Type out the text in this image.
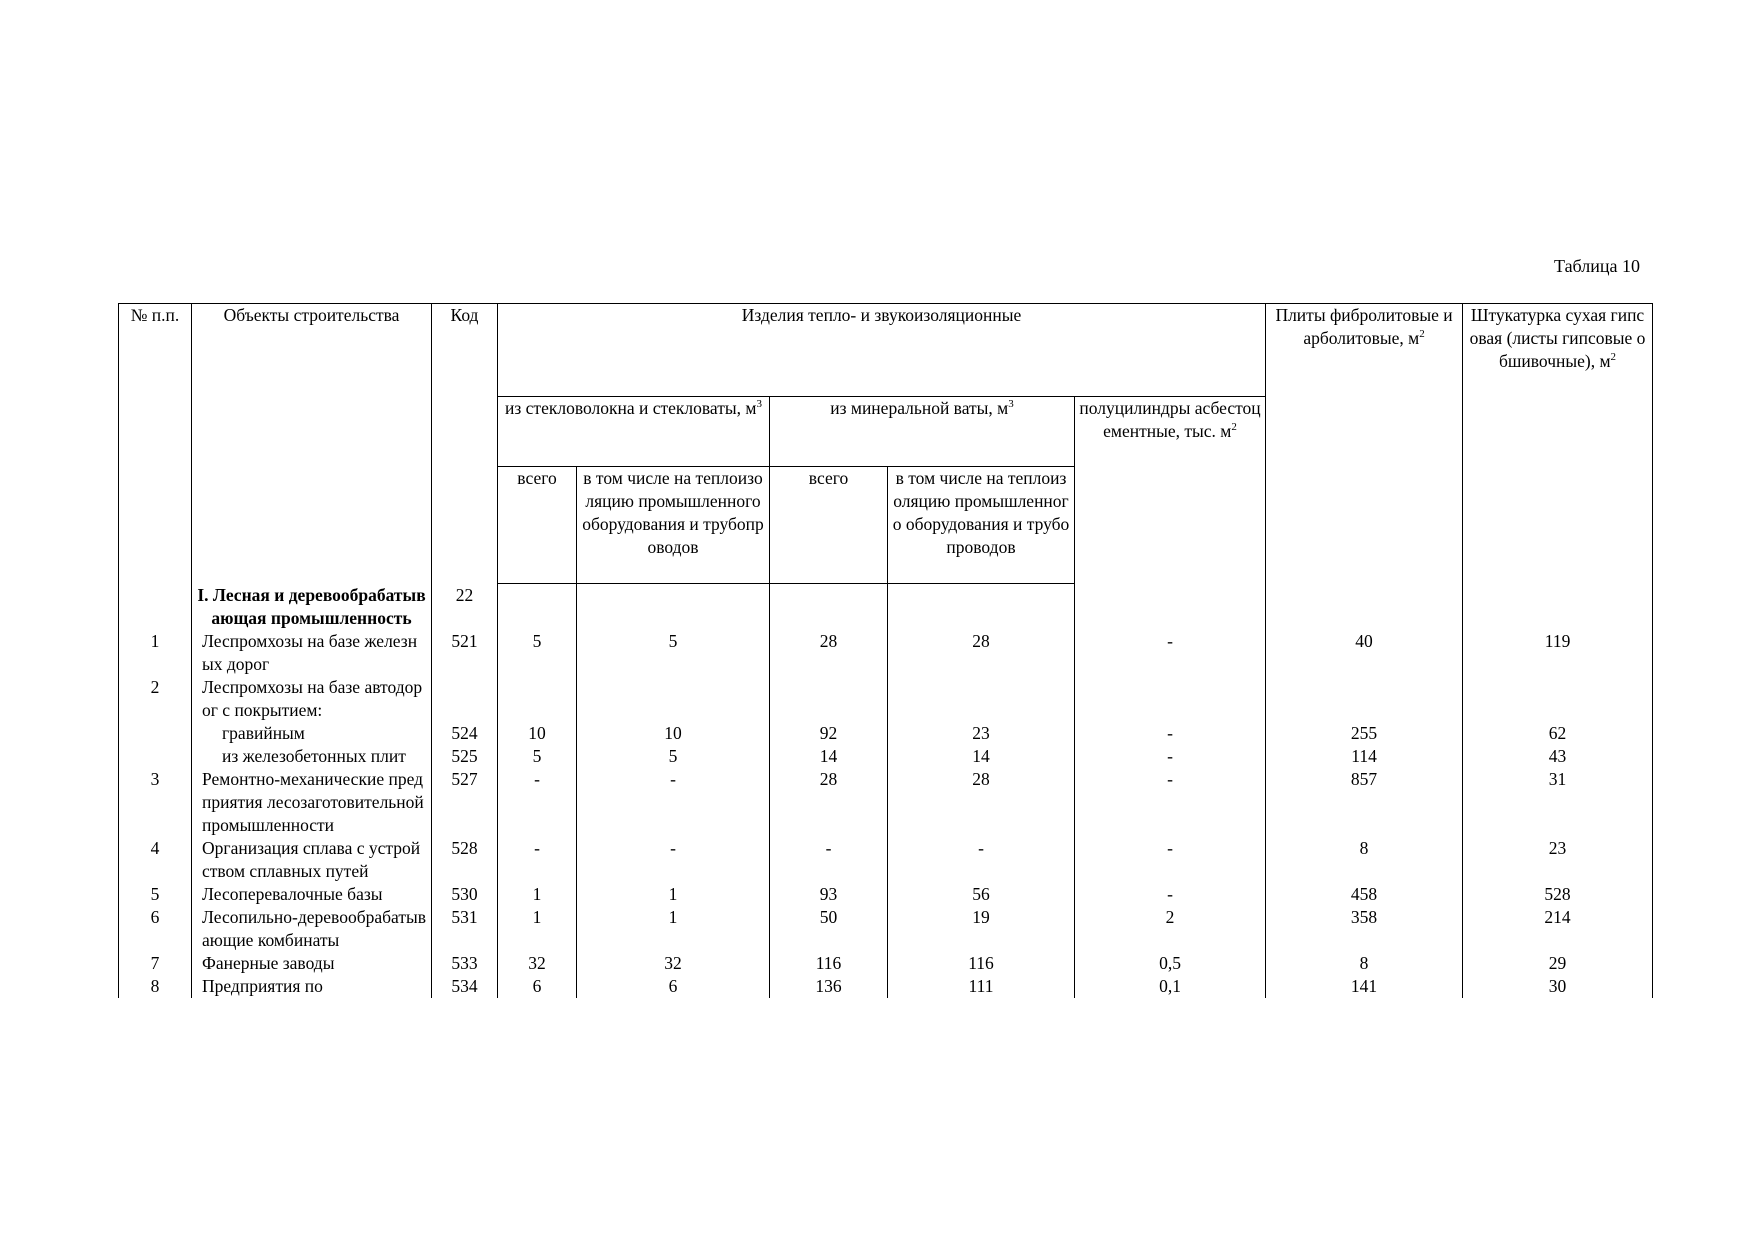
Таблица 10
№ п.п.	Объекты строительства	Код	Изделия тепло- и звукоизоляционные					Плиты фибролитовые и арболитовые, $м^2$	Штукатурка сухая гипсовая (листы гипсовые обшивочные), $м^2$
			из стекловолокна и стекловаты, $м^3$		из минеральной ваты, $м^3$		полуцилиндры асбестоцементные, тыс. $м^2$
			всего	в том числе на теплоизоляцию промышленного оборудования и трубопроводов	всего	в том числе на теплоизоляцию промышленного оборудования и трубопроводов			
	I. Лесная и деревообрабатывающая промышленность	22							
1	Леспромхозы на базе железных дорог	521	5	5	28	28	-	40	119
2	Леспромхозы на базе автодорог с покрытием:								
	гравийным	524	10	10	92	23	-	255	62
	из железобетонных плит	525	5	5	14	14	-	114	43
3	Ремонтно-механические предприятия лесозаготовительной промышленности	527	-	-	28	28	-	857	31
4	Организация сплава с устройством сплавных путей	528	-	-	-	-	-	8	23
5	Лесоперевалочные базы	530	1	1	93	56	-	458	528
6	Лесопильно-деревообрабатывающие комбинаты	531	1	1	50	19	2	358	214
7	Фанерные заводы	533	32	32	116	116	0,5	8	29
8	Предприятия по	534	6	6	136	111	0,1	141	30
